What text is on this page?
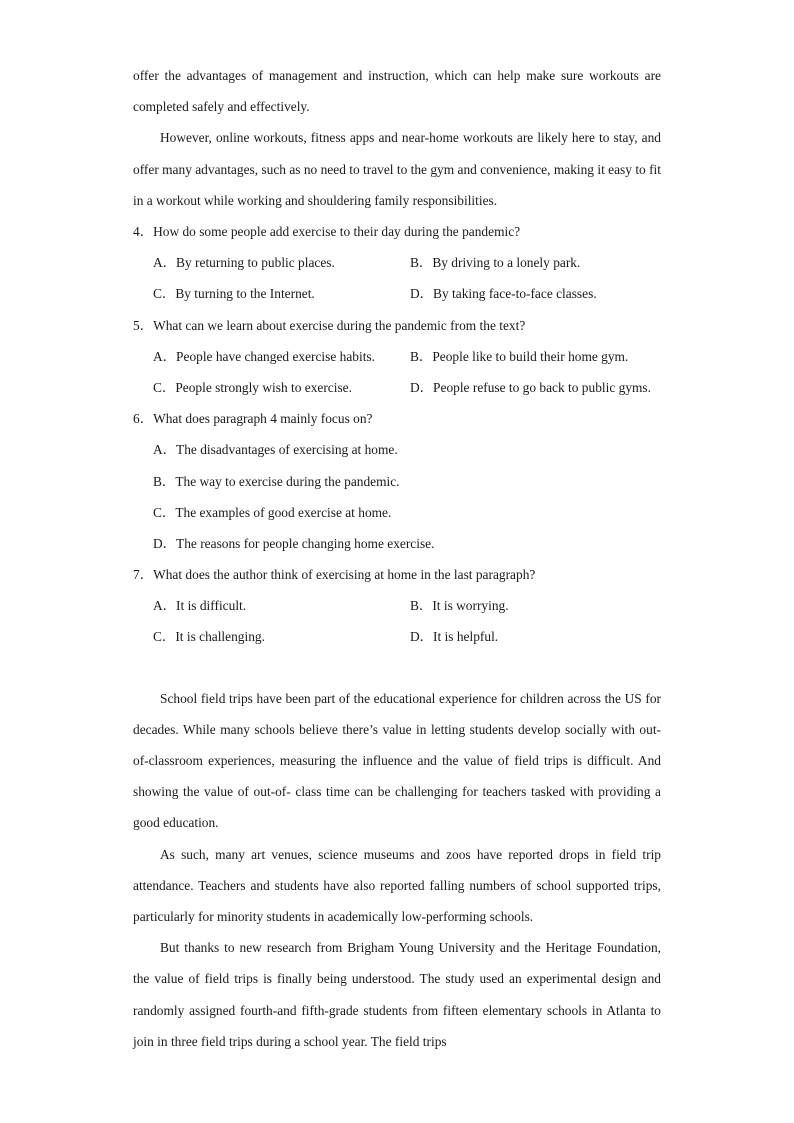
offer the advantages of management and instruction, which can help make sure workouts are completed safely and effectively.

However, online workouts, fitness apps and near-home workouts are likely here to stay, and offer many advantages, such as no need to travel to the gym and convenience, making it easy to fit in a workout while working and shouldering family responsibilities.

4．How do some people add exercise to their day during the pandemic?
A．By returning to public places.	B．By driving to a lonely park.
C．By turning to the Internet.	D．By taking face-to-face classes.
5．What can we learn about exercise during the pandemic from the text?
A．People have changed exercise habits.	B．People like to build their home gym.
C．People strongly wish to exercise.	D．People refuse to go back to public gyms.
6．What does paragraph 4 mainly focus on?
A．The disadvantages of exercising at home.
B．The way to exercise during the pandemic.
C．The examples of good exercise at home.
D．The reasons for people changing home exercise.
7．What does the author think of exercising at home in the last paragraph?
A．It is difficult.	B．It is worrying.
C．It is challenging.	D．It is helpful.

School field trips have been part of the educational experience for children across the US for decades. While many schools believe there’s value in letting students develop socially with out-of-classroom experiences, measuring the influence and the value of field trips is difficult. And showing the value of out-of- class time can be challenging for teachers tasked with providing a good education.

As such, many art venues, science museums and zoos have reported drops in field trip attendance. Teachers and students have also reported falling numbers of school supported trips, particularly for minority students in academically low-performing schools.

But thanks to new research from Brigham Young University and the Heritage Foundation, the value of field trips is finally being understood. The study used an experimental design and randomly assigned fourth-and fifth-grade students from fifteen elementary schools in Atlanta to join in three field trips during a school year. The field trips
